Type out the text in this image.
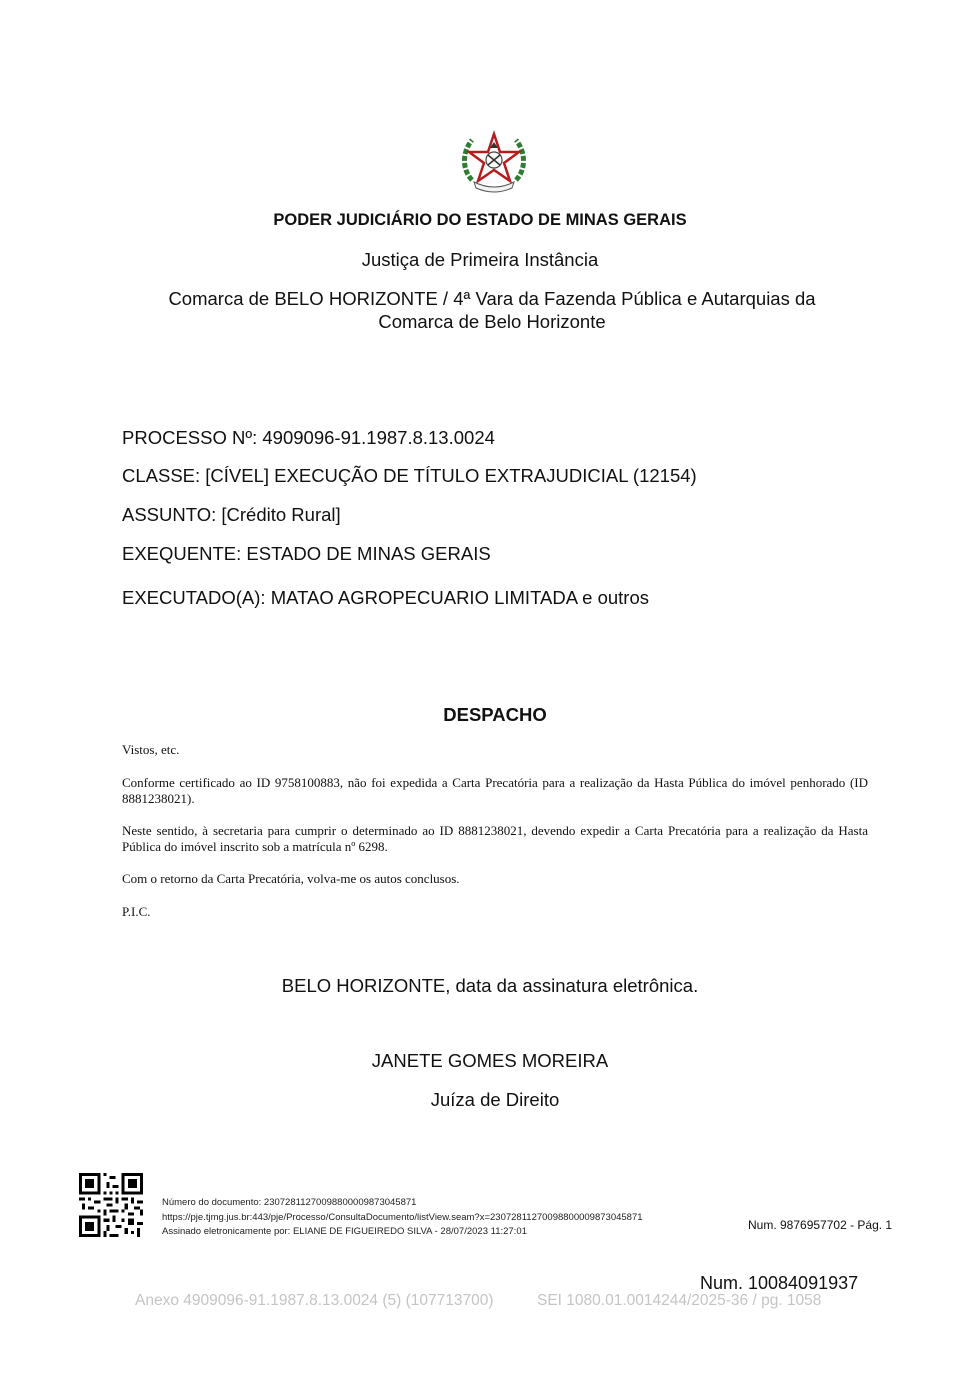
PODER JUDICIÁRIO DO ESTADO DE MINAS GERAIS
Justiça de Primeira Instância
Comarca de BELO HORIZONTE / 4ª Vara da Fazenda Pública e Autarquias da
Comarca de Belo Horizonte
PROCESSO Nº: 4909096-91.1987.8.13.0024
CLASSE: [CÍVEL] EXECUÇÃO DE TÍTULO EXTRAJUDICIAL (12154)
ASSUNTO: [Crédito Rural]
EXEQUENTE: ESTADO DE MINAS GERAIS
EXECUTADO(A): MATAO AGROPECUARIO LIMITADA e outros
DESPACHO
Vistos, etc.
Conforme certificado ao ID 9758100883, não foi expedida a Carta Precatória para a realização da Hasta Pública do imóvel penhorado (ID 8881238021).
Neste sentido, à secretaria para cumprir o determinado ao ID 8881238021, devendo expedir a Carta Precatória para a realização da Hasta Pública do imóvel inscrito sob a matrícula nº 6298.
Com o retorno da Carta Precatória, volva-me os autos conclusos.
P.I.C.
BELO HORIZONTE, data da assinatura eletrônica.
JANETE GOMES MOREIRA
Juíza de Direito
Número do documento: 23072811270098800009873045871
https://pje.tjmg.jus.br:443/pje/Processo/ConsultaDocumento/listView.seam?x=23072811270098800009873045871
Assinado eletronicamente por: ELIANE DE FIGUEIREDO SILVA - 28/07/2023 11:27:01	Num. 9876957702 - Pág. 1
Num. 10084091937
Anexo 4909096-91.1987.8.13.0024 (5) (107713700)	SEI 1080.01.0014244/2025-36 / pg. 1058
